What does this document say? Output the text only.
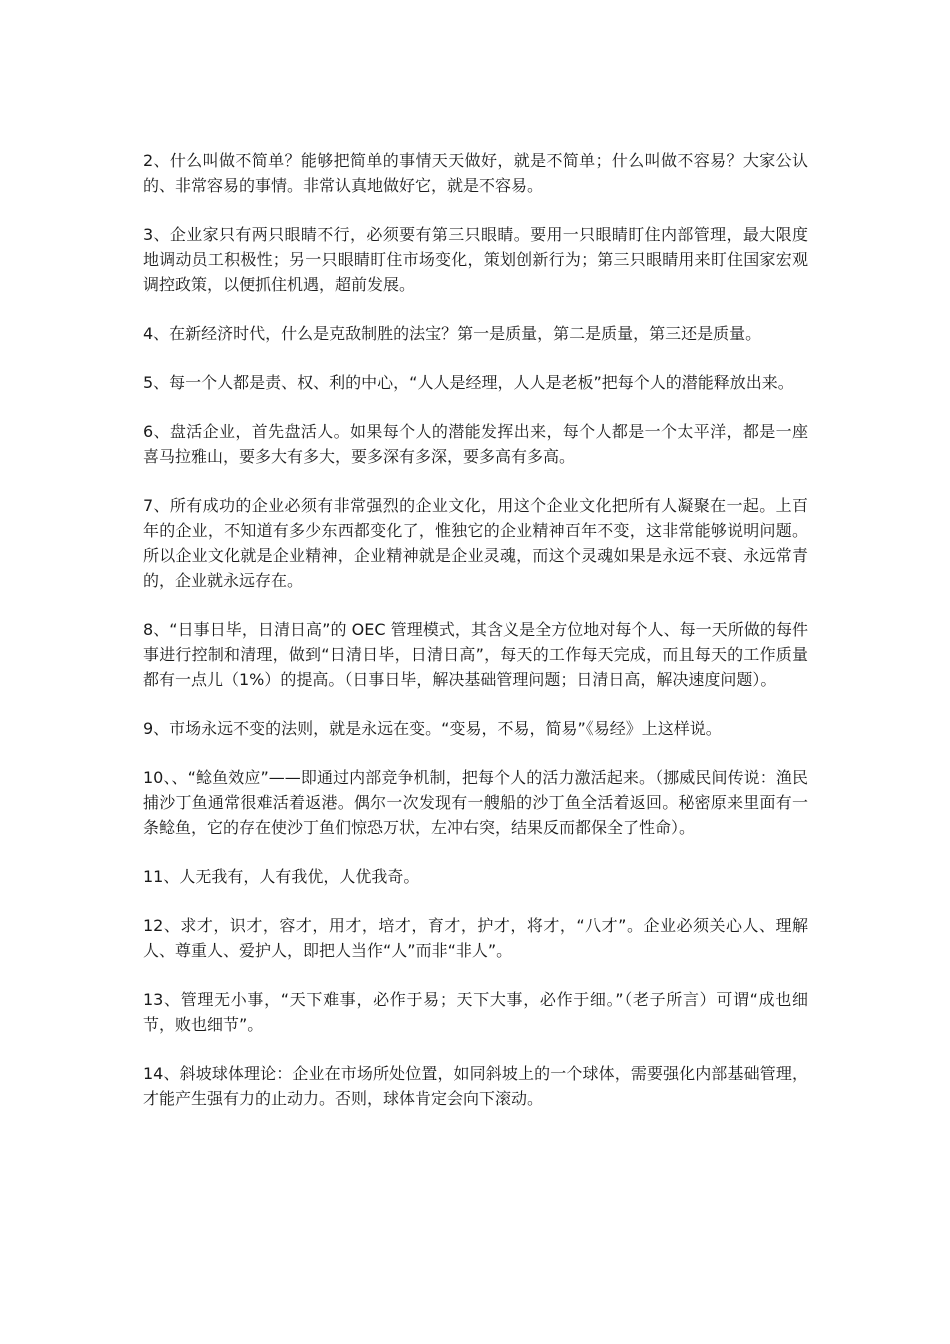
2、什么叫做不简单？能够把简单的事情天天做好，就是不简单；什么叫做不容易？大家公认的、非常容易的事情。非常认真地做好它，就是不容易。

3、企业家只有两只眼睛不行，必须要有第三只眼睛。要用一只眼睛盯住内部管理，最大限度地调动员工积极性；另一只眼睛盯住市场变化，策划创新行为；第三只眼睛用来盯住国家宏观调控政策，以便抓住机遇，超前发展。

4、在新经济时代，什么是克敌制胜的法宝？第一是质量，第二是质量，第三还是质量。

5、每一个人都是责、权、利的中心，“人人是经理，人人是老板”把每个人的潜能释放出来。

6、盘活企业，首先盘活人。如果每个人的潜能发挥出来，每个人都是一个太平洋，都是一座喜马拉雅山，要多大有多大，要多深有多深，要多高有多高。

7、所有成功的企业必须有非常强烈的企业文化，用这个企业文化把所有人凝聚在一起。上百年的企业，不知道有多少东西都变化了，惟独它的企业精神百年不变，这非常能够说明问题。所以企业文化就是企业精神，企业精神就是企业灵魂，而这个灵魂如果是永远不衰、永远常青的，企业就永远存在。

8、“日事日毕，日清日高”的 OEC 管理模式，其含义是全方位地对每个人、每一天所做的每件事进行控制和清理，做到“日清日毕，日清日高”，每天的工作每天完成，而且每天的工作质量都有一点儿（1%）的提高。（日事日毕，解决基础管理问题；日清日高，解决速度问题）。

9、市场永远不变的法则，就是永远在变。“变易，不易，简易”《易经》上这样说。

10、、“鲶鱼效应”——即通过内部竞争机制，把每个人的活力激活起来。（挪威民间传说：渔民捕沙丁鱼通常很难活着返港。偶尔一次发现有一艘船的沙丁鱼全活着返回。秘密原来里面有一条鲶鱼，它的存在使沙丁鱼们惊恐万状，左冲右突，结果反而都保全了性命）。

11、人无我有，人有我优，人优我奇。

12、求才，识才，容才，用才，培才，育才，护才，将才，“八才”。企业必须关心人、理解人、尊重人、爱护人，即把人当作“人”而非“非人”。

13、管理无小事，“天下难事，必作于易；天下大事，必作于细。”（老子所言）可谓“成也细节，败也细节”。

14、斜坡球体理论：企业在市场所处位置，如同斜坡上的一个球体，需要强化内部基础管理，才能产生强有力的止动力。否则，球体肯定会向下滚动。
